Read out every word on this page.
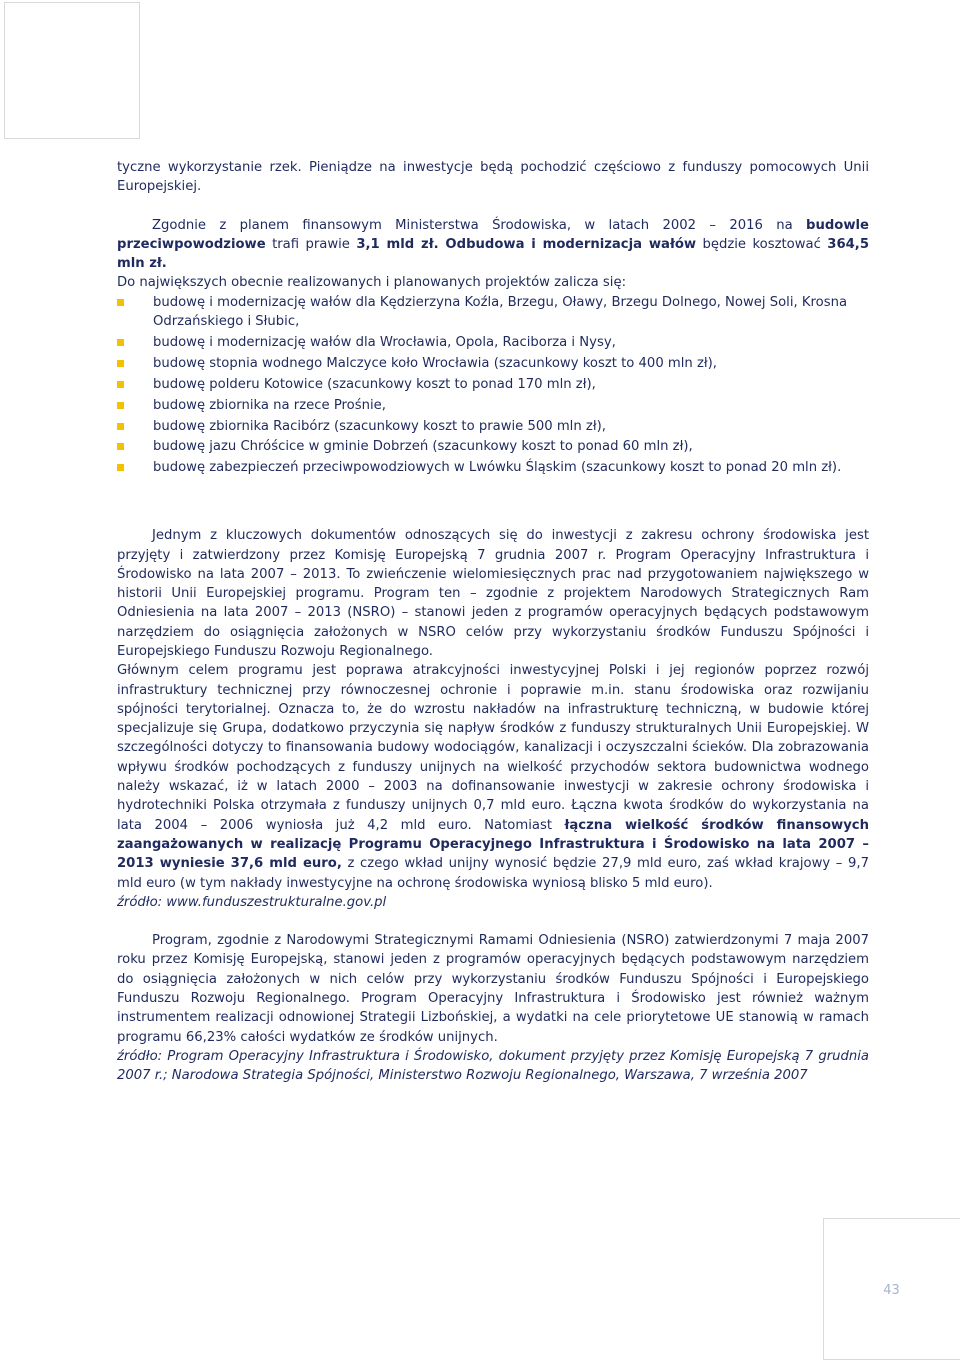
43

tyczne wykorzystanie rzek. Pieniądze na inwestycje będą pochodzić częściowo z funduszy pomocowych Unii Europejskiej.

Zgodnie z planem finansowym Ministerstwa Środowiska, w latach 2002 – 2016 na budowle przeciwpowodziowe trafi prawie 3,1 mld zł. Odbudowa i modernizacja wałów będzie kosztować 364,5 mln zł.
Do największych obecnie realizowanych i planowanych projektów zalicza się:

budowę i modernizację wałów dla Kędzierzyna Koźla, Brzegu, Oławy, Brzegu Dolnego, Nowej Soli, Krosna Odrzańskiego i Słubic,
budowę i modernizację wałów dla Wrocławia, Opola, Raciborza i Nysy,
budowę stopnia wodnego Malczyce koło Wrocławia (szacunkowy koszt to 400 mln zł),
budowę polderu Kotowice (szacunkowy koszt to ponad 170 mln zł),
budowę zbiornika na rzece Prośnie,
budowę zbiornika Racibórz (szacunkowy koszt to prawie 500 mln zł),
budowę jazu Chróścice w gminie Dobrzeń (szacunkowy koszt to ponad 60 mln zł),
budowę zabezpieczeń przeciwpowodziowych w Lwówku Śląskim (szacunkowy koszt to ponad 20 mln zł).

Jednym z kluczowych dokumentów odnoszących się do inwestycji z zakresu ochrony środowiska jest przyjęty i zatwierdzony przez Komisję Europejską 7 grudnia 2007 r. Program Operacyjny Infrastruktura i Środowisko na lata 2007 – 2013. To zwieńczenie wielomiesięcznych prac nad przygotowaniem największego w historii Unii Europejskiej programu. Program ten – zgodnie z projektem Narodowych Strategicznych Ram Odniesienia na lata 2007 – 2013 (NSRO) – stanowi jeden z programów operacyjnych będących podstawowym narzędziem do osiągnięcia założonych w NSRO celów przy wykorzystaniu środków Funduszu Spójności i Europejskiego Funduszu Rozwoju Regionalnego.

Głównym celem programu jest poprawa atrakcyjności inwestycyjnej Polski i jej regionów poprzez rozwój infrastruktury technicznej przy równoczesnej ochronie i poprawie m.in. stanu środowiska oraz rozwijaniu spójności terytorialnej. Oznacza to, że do wzrostu nakładów na infrastrukturę techniczną, w budowie której specjalizuje się Grupa, dodatkowo przyczynia się napływ środków z funduszy strukturalnych Unii Europejskiej. W szczególności dotyczy to finansowania budowy wodociągów, kanalizacji i oczyszczalni ścieków. Dla zobrazowania wpływu środków pochodzących z funduszy unijnych na wielkość przychodów sektora budownictwa wodnego należy wskazać, iż w latach 2000 – 2003 na dofinansowanie inwestycji w zakresie ochrony środowiska i hydrotechniki Polska otrzymała z funduszy unijnych 0,7 mld euro. Łączna kwota środków do wykorzystania na lata 2004 – 2006 wyniosła już 4,2 mld euro. Natomiast łączna wielkość środków finansowych zaangażowanych w realizację Programu Operacyjnego Infrastruktura i Środowisko na lata 2007 – 2013 wyniesie 37,6 mld euro, z czego wkład unijny wynosić będzie 27,9 mld euro, zaś wkład krajowy – 9,7 mld euro (w tym nakłady inwestycyjne na ochronę środowiska wyniosą blisko 5 mld euro).

źródło: www.funduszestrukturalne.gov.pl

Program, zgodnie z Narodowymi Strategicznymi Ramami Odniesienia (NSRO) zatwierdzonymi 7 maja 2007 roku przez Komisję Europejską, stanowi jeden z programów operacyjnych będących podstawowym narzędziem do osiągnięcia założonych w nich celów przy wykorzystaniu środków Funduszu Spójności i Europejskiego Funduszu Rozwoju Regionalnego. Program Operacyjny Infrastruktura i Środowisko jest również ważnym instrumentem realizacji odnowionej Strategii Lizbońskiej, a wydatki na cele priorytetowe UE stanowią w ramach programu 66,23% całości wydatków ze środków unijnych.

źródło: Program Operacyjny Infrastruktura i Środowisko, dokument przyjęty przez Komisję Europejską 7 grudnia 2007 r.; Narodowa Strategia Spójności, Ministerstwo Rozwoju Regionalnego, Warszawa, 7 września 2007
